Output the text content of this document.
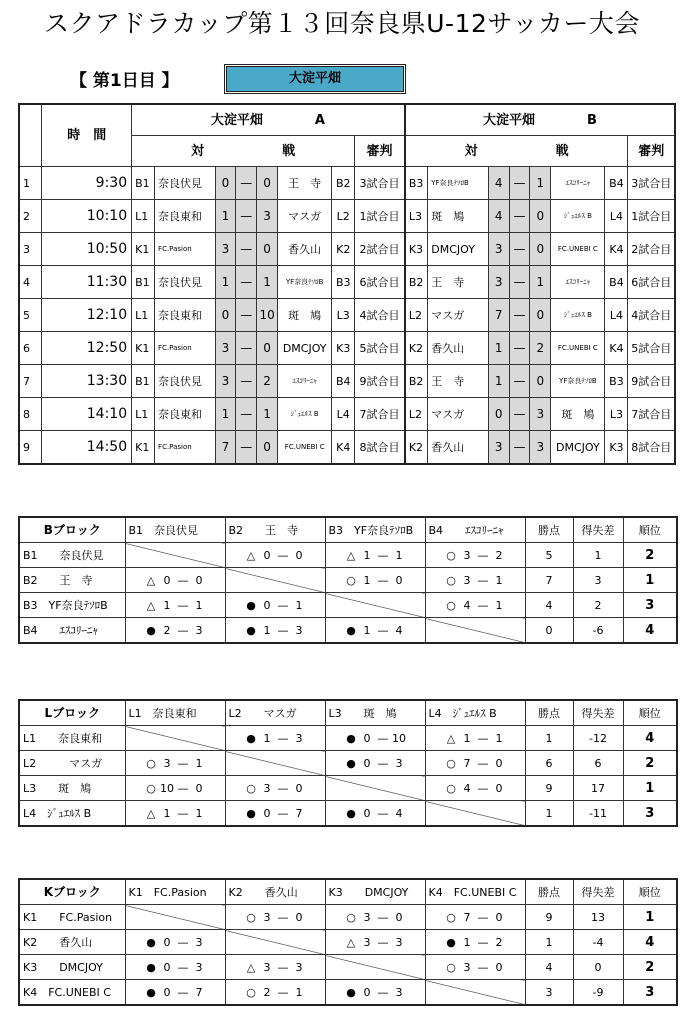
スクアドラカップ第１３回奈良県U-12サッカー大会
【 第1日目 】	大淀平畑
	時　間	大淀平畑　　　　A								大淀平畑　　　　B							
		対　　　　　　戦							審判	対　　　　　　戦							審判
1	9:30	B1	奈良伏見	0	—	0	王　寺	B2	3試合目	B3	YF奈良ﾃｿﾛB	4	—	1	ｴｽｺﾘｰﾆｬ	B4	3試合目
2	10:10	L1	奈良東和	1	—	3	マスガ	L2	1試合目	L3	斑　鳩	4	—	0	ｼﾞｭｴﾙｽ B	L4	1試合目
3	10:50	K1	FC.Pasion	3	—	0	香久山	K2	2試合目	K3	DMCJOY	3	—	0	FC.UNEBI C	K4	2試合目
4	11:30	B1	奈良伏見	1	—	1	YF奈良ﾃｿﾛB	B3	6試合目	B2	王　寺	3	—	1	ｴｽｺﾘｰﾆｬ	B4	6試合目
5	12:10	L1	奈良東和	0	—	10	斑　鳩	L3	4試合目	L2	マスガ	7	—	0	ｼﾞｭｴﾙｽ B	L4	4試合目
6	12:50	K1	FC.Pasion	3	—	0	DMCJOY	K3	5試合目	K2	香久山	1	—	2	FC.UNEBI C	K4	5試合目
7	13:30	B1	奈良伏見	3	—	2	ｴｽｺﾘｰﾆｬ	B4	9試合目	B2	王　寺	1	—	0	YF奈良ﾃｿﾛB	B3	9試合目
8	14:10	L1	奈良東和	1	—	1	ｼﾞｭｴﾙｽ B	L4	7試合目	L2	マスガ	0	—	3	斑　鳩	L3	7試合目
9	14:50	K1	FC.Pasion	7	—	0	FC.UNEBI C	K4	8試合目	K2	香久山	3	—	3	DMCJOY	K3	8試合目
Bブロック	B1　奈良伏見	B2　　王　寺	B3　YF奈良ﾃｿﾛB	B4　　ｴｽｺﾘｰﾆｬ	勝点	得失差	順位
B1　　奈良伏見		△ 0 — 0	△ 1 — 1	○ 3 — 2	5	1	2
B2　　王　寺	△ 0 — 0		○ 1 — 0	○ 3 — 1	7	3	1
B3　YF奈良ﾃｿﾛB	△ 1 — 1	● 0 — 1		○ 4 — 1	4	2	3
B4　　ｴｽｺﾘｰﾆｬ	● 2 — 3	● 1 — 3	● 1 — 4		0	-6	4
Lブロック	L1　奈良東和	L2　　マスガ	L3　　斑　鳩	L4　ｼﾞｭｴﾙｽ B	勝点	得失差	順位
L1　　奈良東和		● 1 — 3	● 0 — 10	△ 1 — 1	1	-12	4
L2　　　マスガ	○ 3 — 1		● 0 — 3	○ 7 — 0	6	6	2
L3　　斑　鳩	○ 10 — 0	○ 3 — 0		○ 4 — 0	9	17	1
L4　ｼﾞｭｴﾙｽ B	△ 1 — 1	● 0 — 7	● 0 — 4		1	-11	3
Kブロック	K1　FC.Pasion	K2　　香久山	K3　　DMCJOY	K4　FC.UNEBI C	勝点	得失差	順位
K1　　FC.Pasion		○ 3 — 0	○ 3 — 0	○ 7 — 0	9	13	1
K2　　香久山	● 0 — 3		△ 3 — 3	● 1 — 2	1	-4	4
K3　　DMCJOY	● 0 — 3	△ 3 — 3		○ 3 — 0	4	0	2
K4　FC.UNEBI C	● 0 — 7	○ 2 — 1	● 0 — 3		3	-9	3
